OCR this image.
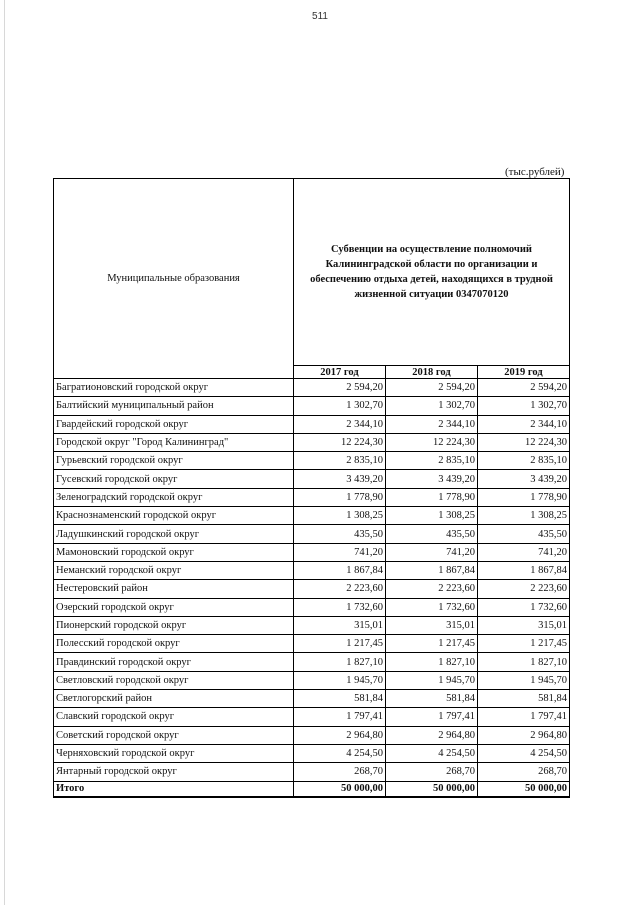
511
(тыс.рублей)
Муниципальные образования	Субвенции на осуществление полномочий Калининградской области по организации и обеспечению отдыха детей, находящихся в трудной жизненной ситуации 0347070120		
	2017 год	2018 год	2019 год
Багратионовский городской округ	2 594,20	2 594,20	2 594,20
Балтийский муниципальный район	1 302,70	1 302,70	1 302,70
Гвардейский городской округ	2 344,10	2 344,10	2 344,10
Городской округ "Город Калининград"	12 224,30	12 224,30	12 224,30
Гурьевский городской округ	2 835,10	2 835,10	2 835,10
Гусевский городской округ	3 439,20	3 439,20	3 439,20
Зеленоградский городской округ	1 778,90	1 778,90	1 778,90
Краснознаменский городской округ	1 308,25	1 308,25	1 308,25
Ладушкинский городской округ	435,50	435,50	435,50
Мамоновский городской округ	741,20	741,20	741,20
Неманский городской округ	1 867,84	1 867,84	1 867,84
Нестеровский район	2 223,60	2 223,60	2 223,60
Озерский городской округ	1 732,60	1 732,60	1 732,60
Пионерский городской округ	315,01	315,01	315,01
Полесский городской округ	1 217,45	1 217,45	1 217,45
Правдинский городской округ	1 827,10	1 827,10	1 827,10
Светловский городской округ	1 945,70	1 945,70	1 945,70
Светлогорский район	581,84	581,84	581,84
Славский городской округ	1 797,41	1 797,41	1 797,41
Советский городской округ	2 964,80	2 964,80	2 964,80
Черняховский городской округ	4 254,50	4 254,50	4 254,50
Янтарный городской округ	268,70	268,70	268,70
Итого	50 000,00	50 000,00	50 000,00
